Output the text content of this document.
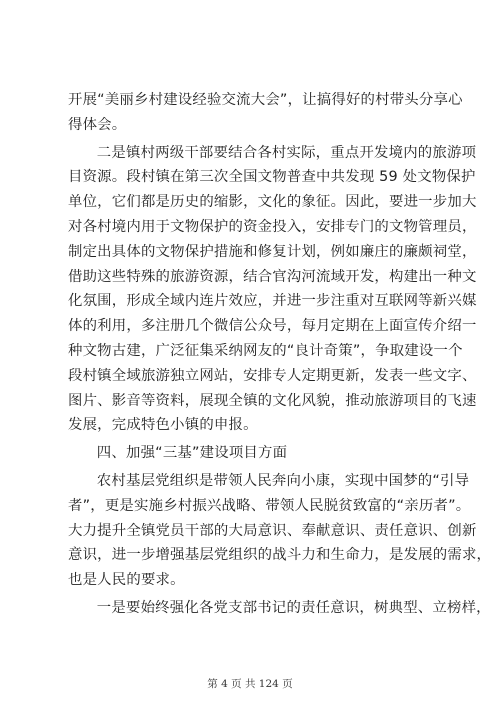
开展“美丽乡村建设经验交流大会”，让搞得好的村带头分享心
得体会。

二是镇村两级干部要结合各村实际，重点开发境内的旅游项
目资源。段村镇在第三次全国文物普查中共发现 59 处文物保护
单位，它们都是历史的缩影，文化的象征。因此，要进一步加大
对各村境内用于文物保护的资金投入，安排专门的文物管理员，
制定出具体的文物保护措施和修复计划，例如廉庄的廉颇祠堂，
借助这些特殊的旅游资源，结合官沟河流域开发，构建出一种文
化氛围，形成全域内连片效应，并进一步注重对互联网等新兴媒
体的利用，多注册几个微信公众号，每月定期在上面宣传介绍一
种文物古建，广泛征集采纳网友的“良计奇策”，争取建设一个
段村镇全域旅游独立网站，安排专人定期更新，发表一些文字、
图片、影音等资料，展现全镇的文化风貌，推动旅游项目的飞速
发展，完成特色小镇的申报。

四、加强“三基”建设项目方面

农村基层党组织是带领人民奔向小康，实现中国梦的“引导
者”，更是实施乡村振兴战略、带领人民脱贫致富的“亲历者”。
大力提升全镇党员干部的大局意识、奉献意识、责任意识、创新
意识，进一步增强基层党组织的战斗力和生命力，是发展的需求，
也是人民的要求。

一是要始终强化各党支部书记的责任意识，树典型、立榜样，

第 4 页 共 124 页
